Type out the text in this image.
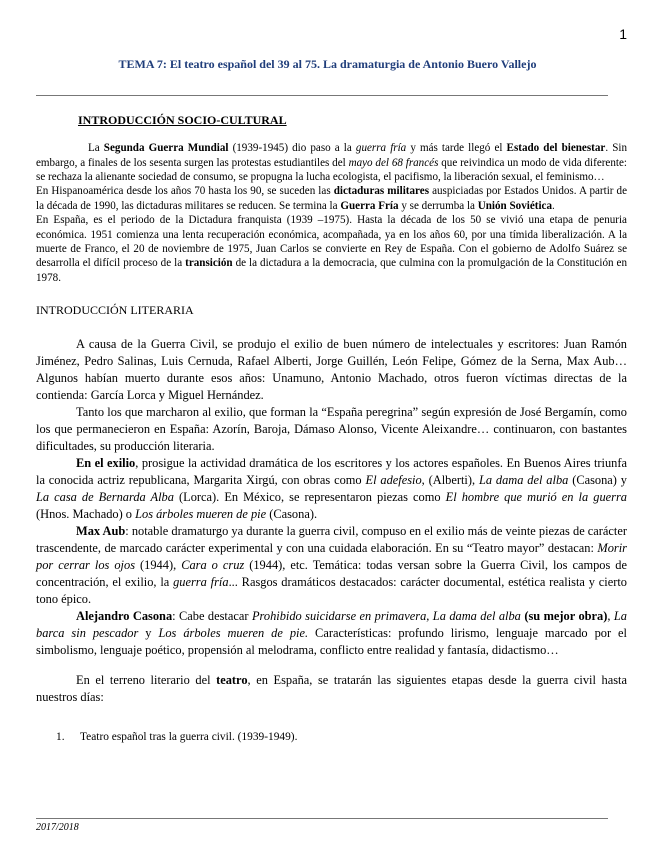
1
TEMA 7: El teatro español del 39 al 75. La dramaturgia de Antonio Buero Vallejo
INTRODUCCIÓN SOCIO-CULTURAL

La Segunda Guerra Mundial (1939-1945) dio paso a la guerra fría y más tarde llegó el Estado del bienestar. Sin embargo, a finales de los sesenta surgen las protestas estudiantiles del mayo del 68 francés que reivindica un modo de vida diferente: se rechaza la alienante sociedad de consumo, se propugna la lucha ecologista, el pacifismo, la liberación sexual, el feminismo…

En Hispanoamérica desde los años 70 hasta los 90, se suceden las dictaduras militares auspiciadas por Estados Unidos. A partir de la década de 1990, las dictaduras militares se reducen. Se termina la Guerra Fría y se derrumba la Unión Soviética.

En España, es el periodo de la Dictadura franquista (1939 –1975). Hasta la década de los 50 se vivió una etapa de penuria económica. 1951 comienza una lenta recuperación económica, acompañada, ya en los años 60, por una tímida liberalización. A la muerte de Franco, el 20 de noviembre de 1975, Juan Carlos se convierte en Rey de España. Con el gobierno de Adolfo Suárez se desarrolla el difícil proceso de la transición de la dictadura a la democracia, que culmina con la promulgación de la Constitución en 1978.

INTRODUCCIÓN LITERARIA

A causa de la Guerra Civil, se produjo el exilio de buen número de intelectuales y escritores: Juan Ramón Jiménez, Pedro Salinas, Luis Cernuda, Rafael Alberti, Jorge Guillén, León Felipe, Gómez de la Serna, Max Aub… Algunos habían muerto durante esos años: Unamuno, Antonio Machado, otros fueron víctimas directas de la contienda: García Lorca y Miguel Hernández.

Tanto los que marcharon al exilio, que forman la “España peregrina” según expresión de José Bergamín, como los que permanecieron en España: Azorín, Baroja, Dámaso Alonso, Vicente Aleixandre… continuaron, con bastantes dificultades, su producción literaria.

En el exilio, prosigue la actividad dramática de los escritores y los actores españoles. En Buenos Aires triunfa la conocida actriz republicana, Margarita Xirgú, con obras como El adefesio, (Alberti), La dama del alba (Casona) y La casa de Bernarda Alba (Lorca). En México, se representaron piezas como El hombre que murió en la guerra (Hnos. Machado) o Los árboles mueren de pie (Casona).

Max Aub: notable dramaturgo ya durante la guerra civil, compuso en el exilio más de veinte piezas de carácter trascendente, de marcado carácter experimental y con una cuidada elaboración. En su “Teatro mayor” destacan: Morir por cerrar los ojos (1944), Cara o cruz (1944), etc. Temática: todas versan sobre la Guerra Civil, los campos de concentración, el exilio, la guerra fría... Rasgos dramáticos destacados: carácter documental, estética realista y cierto tono épico.

Alejandro Casona: Cabe destacar Prohibido suicidarse en primavera, La dama del alba (su mejor obra), La barca sin pescador y Los árboles mueren de pie. Características: profundo lirismo, lenguaje marcado por el simbolismo, lenguaje poético, propensión al melodrama, conflicto entre realidad y fantasía, didactismo…

En el terreno literario del teatro, en España, se tratarán las siguientes etapas desde la guerra civil hasta nuestros días:

1. Teatro español tras la guerra civil. (1939-1949).
2017/2018
